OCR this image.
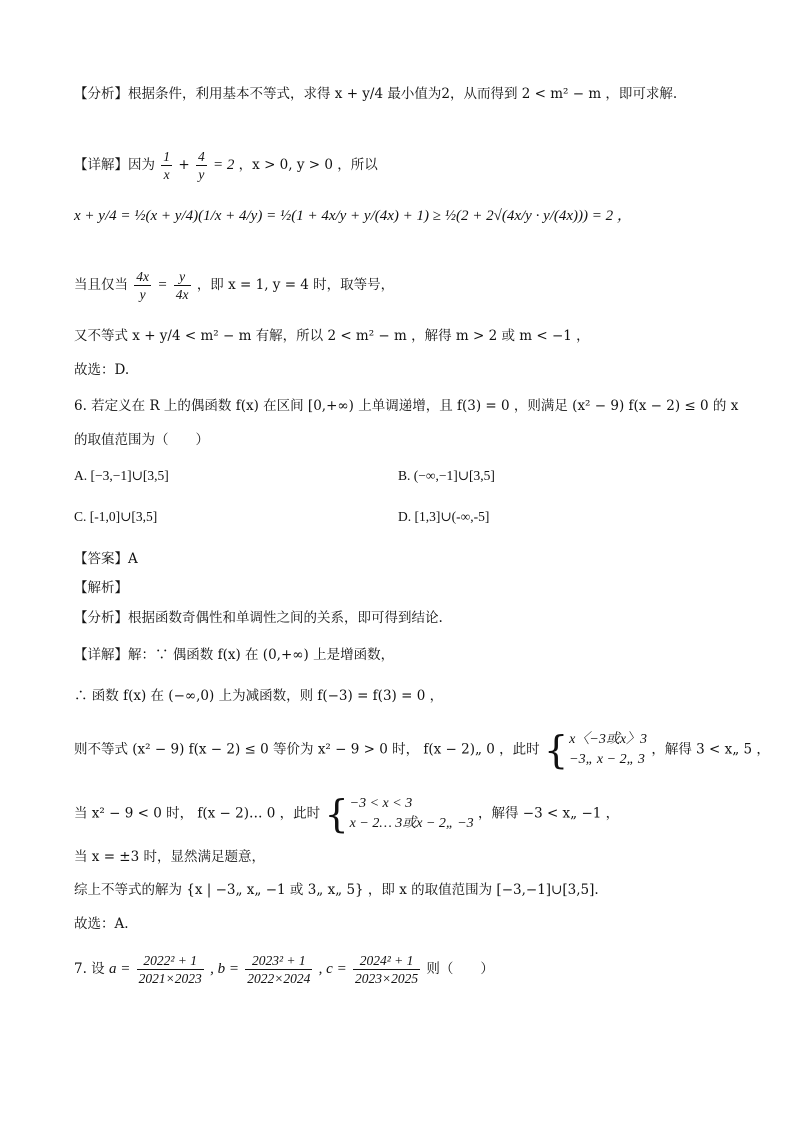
【分析】根据条件，利用基本不等式，求得 x + y/4 最小值为2，从而得到 2 < m² − m ，即可求解.
【详解】因为 $\frac{1}{x} + \frac{4}{y} = 2$ ，x > 0, y > 0 ，所以
x + y/4 = ½(x + y/4)(1/x + 4/y) = ½(1 + 4x/y + y/(4x) + 1) ≥ ½(2 + 2√(4x/y · y/(4x))) = 2 ，
当且仅当 $\frac{4x}{y} = \frac{y}{4x}$ ，即 x = 1, y = 4 时，取等号，
又不等式 x + y/4 < m² − m 有解，所以 2 < m² − m ，解得 m > 2 或 m < −1 ，
故选：D.
6. 若定义在 R 上的偶函数 f(x) 在区间 [0,+∞) 上单调递增，且 f(3) = 0 ，则满足 (x² − 9) f(x − 2) ≤ 0 的 x
的取值范围为（　　）
A. [−3,−1]∪[3,5]	B. (−∞,−1]∪[3,5]
C. [-1,0]∪[3,5]	D. [1,3]∪(-∞,-5]
【答案】A
【解析】
【分析】根据函数奇偶性和单调性之间的关系，即可得到结论.
【详解】解：∵ 偶函数 f(x) 在 (0,+∞) 上是增函数，
∴ 函数 f(x) 在 (−∞,0) 上为减函数，则 f(−3) = f(3) = 0 ，
则不等式 (x² − 9) f(x − 2) ≤ 0 等价为 x² − 9 > 0 时， f(x − 2)„ 0 ，此时 { x〈−3或x〉3
−3„ x − 2„ 3
，解得 3 < x„ 5 ，
当 x² − 9 < 0 时， f(x − 2)… 0 ，此时 { −3 < x < 3
x − 2… 3或x − 2„ −3
，解得 −3 < x„ −1 ，
当 x = ±3 时，显然满足题意，
综上不等式的解为 {x | −3„ x„ −1 或 3„ x„ 5} ，即 x 的取值范围为 [−3,−1]∪[3,5].
故选：A.
7. 设 $a = \frac{\text{2022² + 1}}{2021\times 2023}$ , $b = \frac{\text{2023² + 1}}{2022\times 2024}$ , $c = \frac{\text{2024² + 1}}{2023\times 2025}$ 则（　　）
